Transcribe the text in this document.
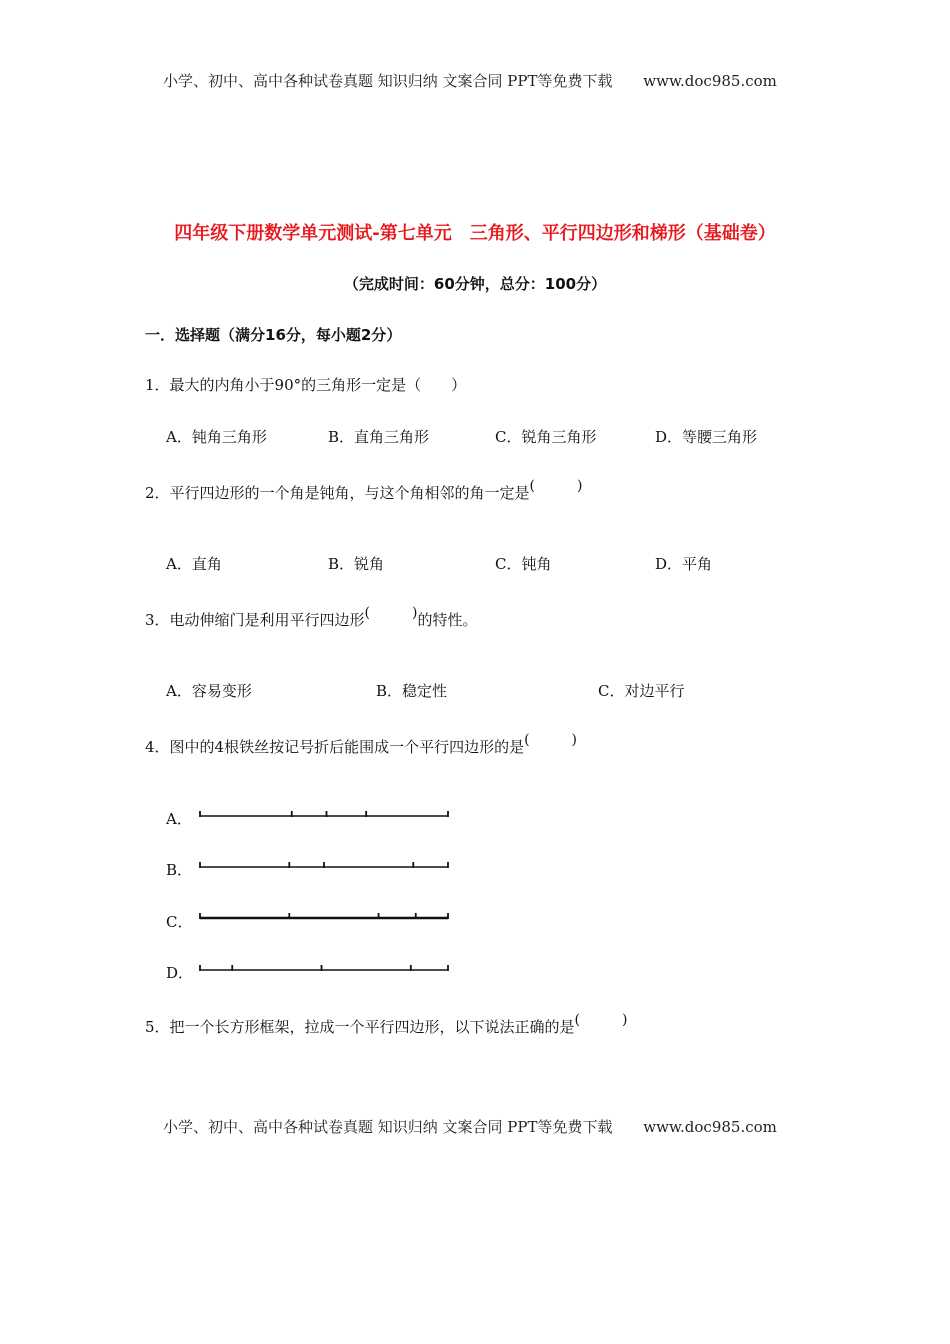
小学、初中、高中各种试卷真题 知识归纳 文案合同 PPT等免费下载 www.doc985.com
四年级下册数学单元测试-第七单元　三角形、平行四边形和梯形（基础卷）
（完成时间：60分钟，总分：100分）
一．选择题（满分16分，每小题2分）
1．最大的内角小于90°的三角形一定是（　　）
A．钝角三角形	B．直角三角形	C．锐角三角形	D．等腰三角形
2．平行四边形的一个角是钝角，与这个角相邻的角一定是(　　　)
A．直角	B．锐角	C．钝角	D．平角
3．电动伸缩门是利用平行四边形(　　　)的特性。
A．容易变形	B．稳定性	C．对边平行
4．图中的4根铁丝按记号折后能围成一个平行四边形的是(　　　)
A．
B．
C．
D．
5．把一个长方形框架，拉成一个平行四边形，以下说法正确的是(　　　)
小学、初中、高中各种试卷真题 知识归纳 文案合同 PPT等免费下载 www.doc985.com
